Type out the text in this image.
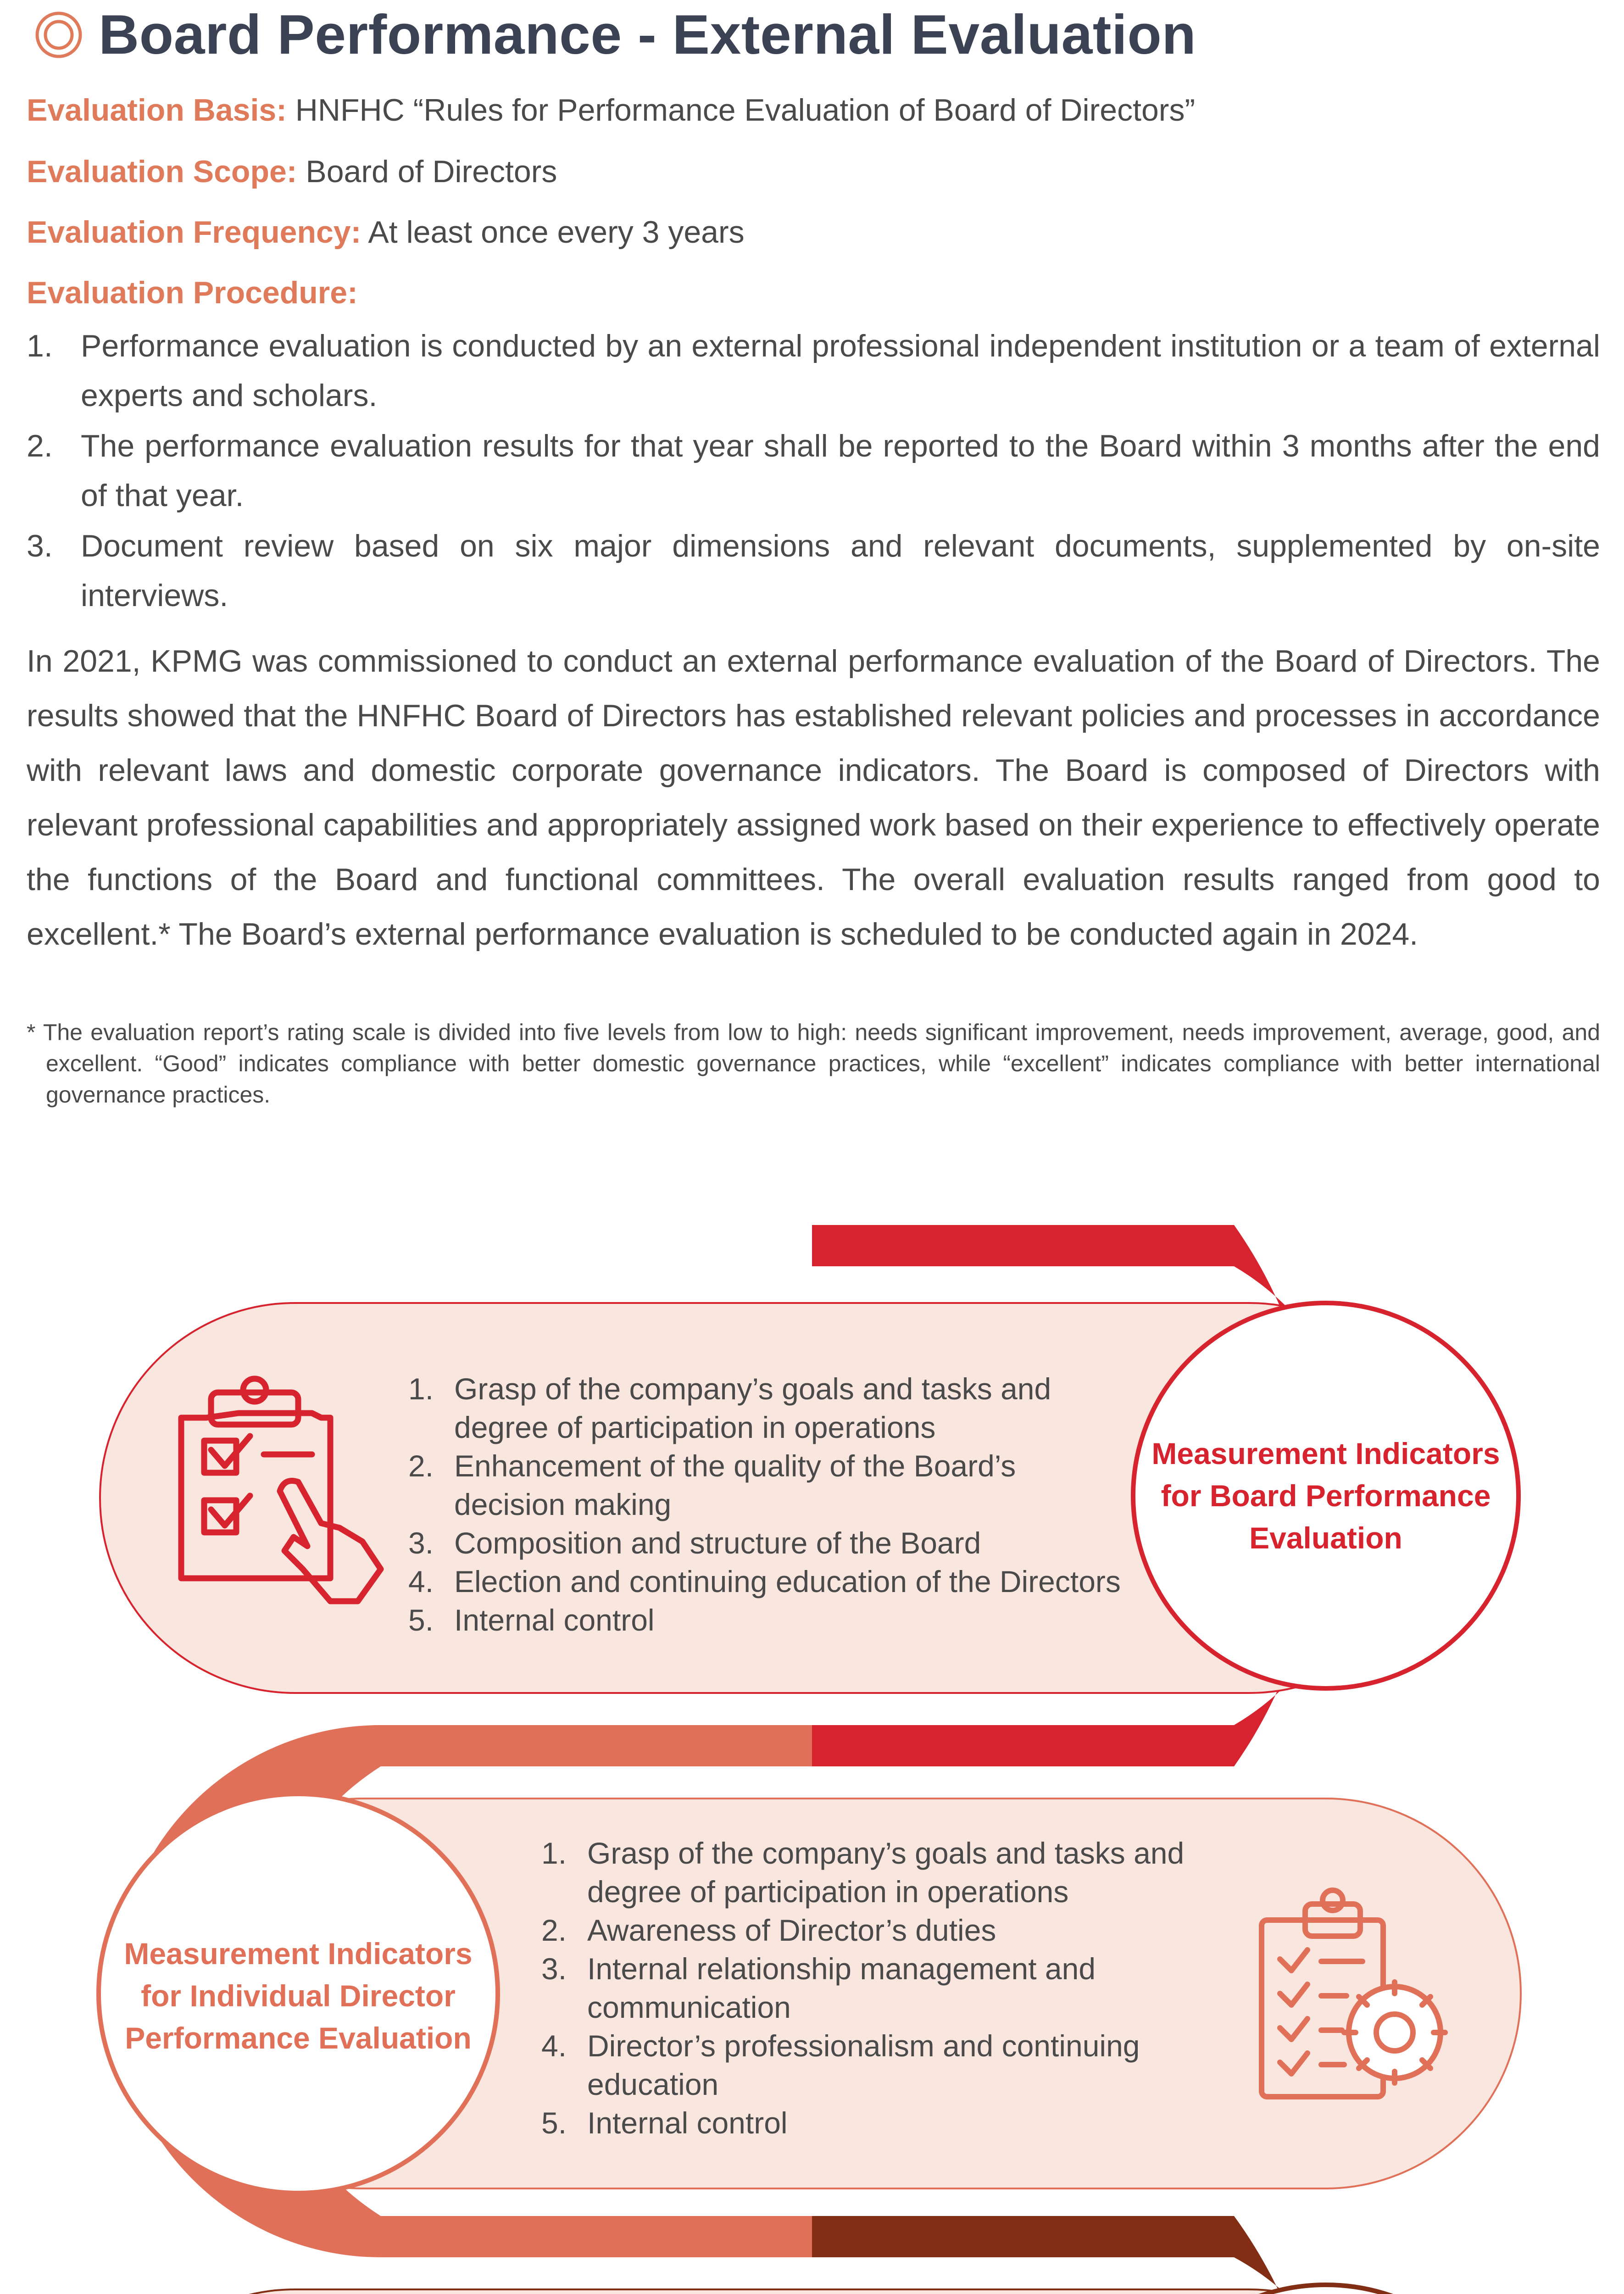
Board Performance - External Evaluation
Evaluation Basis: HNFHC “Rules for Performance Evaluation of Board of Directors”
Evaluation Scope: Board of Directors
Evaluation Frequency: At least once every 3 years
Evaluation Procedure:
1. Performance evaluation is conducted by an external professional independent institution or a team of external experts and scholars.
2. The performance evaluation results for that year shall be reported to the Board within 3 months after the end of that year.
3. Document review based on six major dimensions and relevant documents, supplemented by on-site interviews.
In 2021, KPMG was commissioned to conduct an external performance evaluation of the Board of Directors. The results showed that the HNFHC Board of Directors has established relevant policies and processes in accordance with relevant laws and domestic corporate governance indicators. The Board is composed of Directors with relevant professional capabilities and appropriately assigned work based on their experience to effectively operate the functions of the Board and functional committees. The overall evaluation results ranged from good to excellent.* The Board’s external performance evaluation is scheduled to be conducted again in 2024.
* The evaluation report’s rating scale is divided into five levels from low to high: needs significant improvement, needs improvement, average, good, and excellent. “Good” indicates compliance with better domestic governance practices, while “excellent” indicates compliance with better international governance practices.
Measurement Indicators for Board Performance Evaluation
Measurement Indicators for Individual Director Performance Evaluation
1. Grasp of the company’s goals and tasks and degree of participation in operations
2. Enhancement of the quality of the Board’s decision making
3. Composition and structure of the Board
4. Election and continuing education of the Directors
5. Internal control
1. Grasp of the company’s goals and tasks and degree of participation in operations
2. Awareness of Director’s duties
3. Internal relationship management and communication
4. Director’s professionalism and continuing education
5. Internal control
